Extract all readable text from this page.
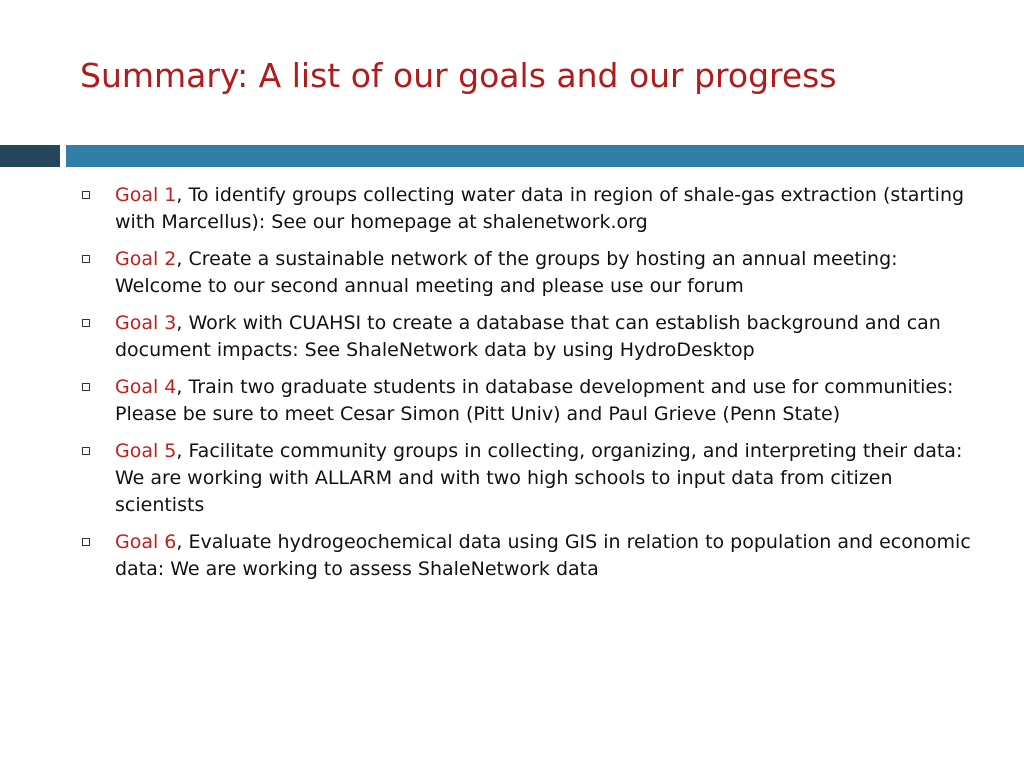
Summary: A list of our goals and our progress
Goal 1, To identify groups collecting water data in region of shale-gas extraction (starting with Marcellus): See our homepage at shalenetwork.org
Goal 2, Create a sustainable network of the groups by hosting an annual meeting: Welcome to our second annual meeting and please use our forum
Goal 3, Work with CUAHSI to create a database that can establish background and can document impacts: See ShaleNetwork data by using HydroDesktop
Goal 4, Train two graduate students in database development and use for communities: Please be sure to meet Cesar Simon (Pitt Univ) and Paul Grieve (Penn State)
Goal 5, Facilitate community groups in collecting, organizing, and interpreting their data: We are working with ALLARM and with two high schools to input data from citizen scientists
Goal 6, Evaluate hydrogeochemical data using GIS in relation to population and economic data: We are working to assess ShaleNetwork data
